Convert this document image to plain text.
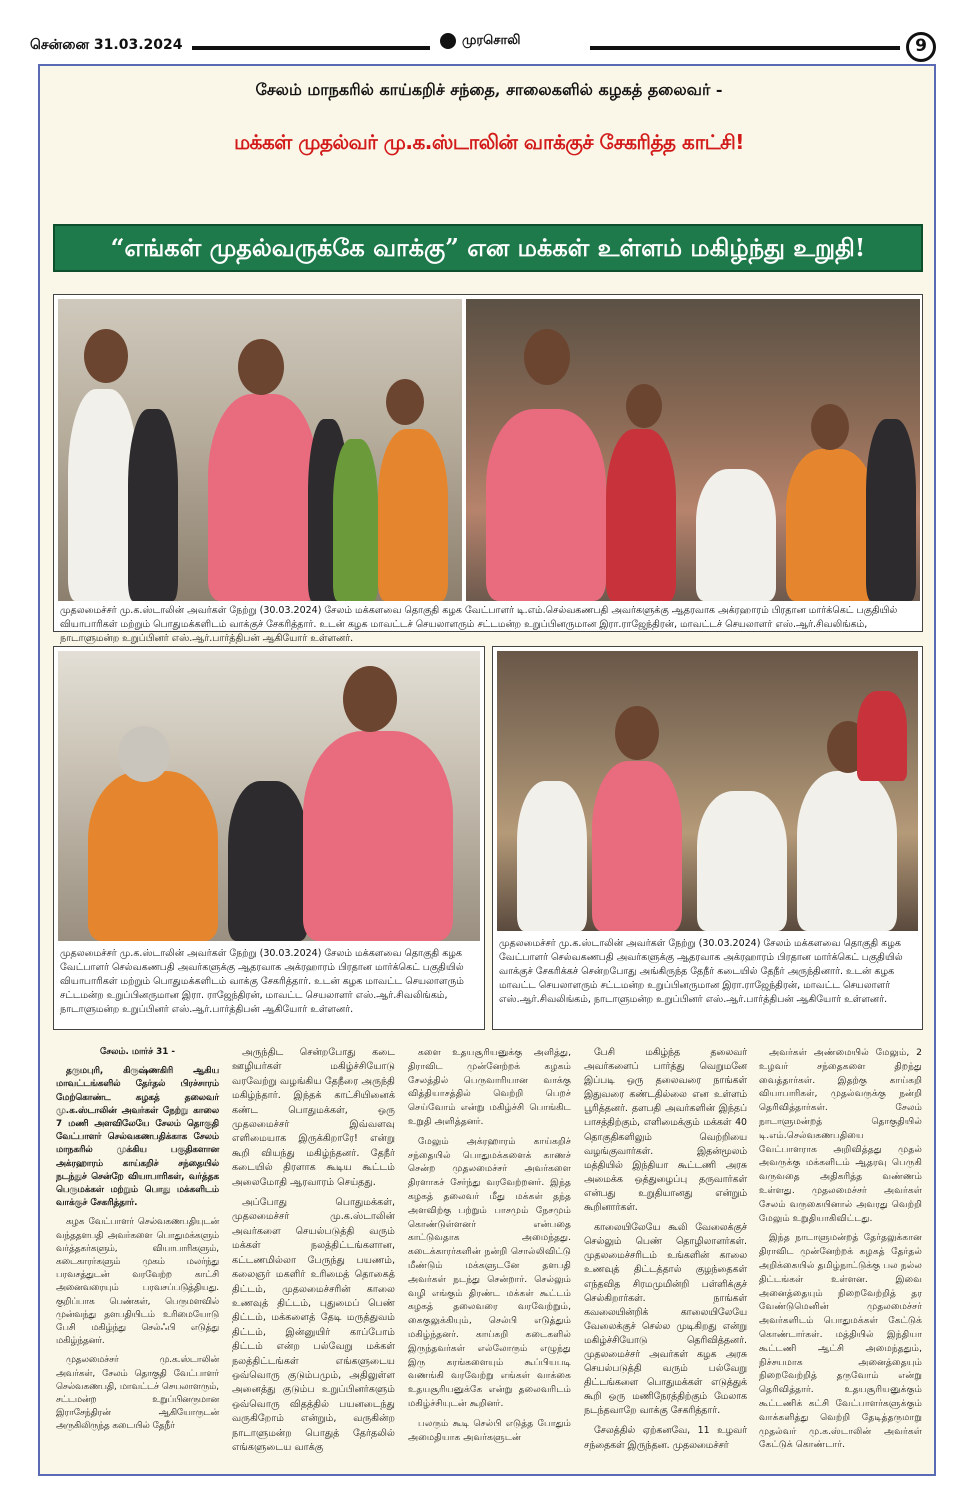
சென்னை 31.03.2024	முரசொலி	9
சேலம் மாநகரில் காய்கறிச் சந்தை, சாலைகளில் கழகத் தலைவர் -
மக்கள் முதல்வர் மு.க.ஸ்டாலின் வாக்குச் சேகரித்த காட்சி!
“எங்கள் முதல்வருக்கே வாக்கு” என மக்கள் உள்ளம் மகிழ்ந்து உறுதி!
முதலமைச்சர் மு.க.ஸ்டாலின் அவர்கள் நேற்று (30.03.2024) சேலம் மக்களவை தொகுதி கழக வேட்பாளர் டி.எம்.செல்வகணபதி அவர்களுக்கு ஆதரவாக அக்ரஹாரம் பிரதான மார்க்கெட் பகுதியில் வியாபாரிகள் மற்றும் பொதுமக்களிடம் வாக்குச் சேகரித்தார். உடன் கழக மாவட்டச் செயலாளரும் சட்டமன்ற உறுப்பினருமான இரா.ராஜேந்திரன், மாவட்டச் செயலாளர் எஸ்.ஆர்.சிவலிங்கம், நாடாளுமன்ற உறுப்பினர் எஸ்.ஆர்.பார்த்திபன் ஆகியோர் உள்ளனர்.
முதலமைச்சர் மு.க.ஸ்டாலின் அவர்கள் நேற்று (30.03.2024) சேலம் மக்களவை தொகுதி கழக வேட்பாளர் செல்வகணபதி அவர்களுக்கு ஆதரவாக அக்ரஹாரம் பிரதான மார்க்கெட் பகுதியில் வியாபாரிகள் மற்றும் பொதுமக்களிடம் வாக்கு சேகரித்தார். உடன் கழக மாவட்ட செயலாளரும் சட்டமன்ற உறுப்பினருமான இரா. ராஜேந்திரன், மாவட்ட செயலாளர் எஸ்.ஆர்.சிவலிங்கம், நாடாளுமன்ற உறுப்பினர் எஸ்.ஆர்.பார்த்திபன் ஆகியோர் உள்ளனர்.
முதலமைச்சர் மு.க.ஸ்டாலின் அவர்கள் நேற்று (30.03.2024) சேலம் மக்களவை தொகுதி கழக வேட்பாளர் செல்வகணபதி அவர்களுக்கு ஆதரவாக அக்ரஹாரம் பிரதான மார்க்கெட் பகுதியில் வாக்குச் சேகரிக்கச் சென்றபோது அங்கிருந்த தேநீர் கடையில் தேநீர் அருந்தினார். உடன் கழக மாவட்ட செயலாளரும் சட்டமன்ற உறுப்பினருமான இரா.ராஜேந்திரன், மாவட்ட செயலாளர் எஸ்.ஆர்.சிவலிங்கம், நாடாளுமன்ற உறுப்பினர் எஸ்.ஆர்.பார்த்திபன் ஆகியோர் உள்ளனர்.

சேலம். மார்ச் 31 -

தருமபுரி, கிருஷ்ணகிரி ஆகிய மாவட்டங்களில் தேர்தல் பிரச்சாரம் மேற்கொண்ட கழகத் தலைவர் மு.க.ஸ்டாலின் அவர்கள் நேற்று காலை 7 மணி அளவிலேயே சேலம் தொகுதி வேட்பாளர் செல்வகணபதிக்காக சேலம் மாநகரில் முக்கிய பகுதிகளான அக்ரஹாரம் காய்கறிச் சந்தையில் நடந்துச் சென்றே வியாபாரிகள், வர்த்தக பெருமக்கள் மற்றும் பொது மக்களிடம் வாக்குச் சேகரித்தார்.

கழக வேட்பாளர் செல்வகணபதியுடன் வந்ததளபதி அவர்களை பொதுமக்களும் வர்த்தகர்களும், வியாபாரிகளும், கடைகாரர்களும் முகம் மலர்ந்து பரவசத்துடன் வரவேற்ற காட்சி அனைவரையும் பரவசப்படுத்தியது. குறிப்பாக பெண்கள், பெருமளவில் முன்வந்து தளபதியிடம் உரிமையோடு பேசி மகிழ்ந்து செல்ஃபி எடுத்து மகிழ்ந்தனர்.

முதலமைச்சர் மு.க.ஸ்டாலின் அவர்கள், சேலம் தொகுதி வேட்பாளர் செல்வகணபதி, மாவட்டச் செயலாளரும், சட்டமன்ற உறுப்பினருமான இராசேந்திரன் ஆகியோருடன் அருகிலிருந்த கடையில் தேநீர்

அருந்திட சென்றபோது கடை ஊழியர்கள் மகிழ்ச்சியோடு வரவேற்று வழங்கிய தேநீரை அருந்தி மகிழ்ந்தார். இந்தக் காட்சியினைக் கண்ட பொதுமக்கள், ஒரு முதலமைச்சர் இவ்வளவு எளிமையாக இருக்கிறாரே! என்று கூறி வியந்து மகிழ்ந்தனர். தேநீர் கடையில் திரளாக கூடிய கூட்டம் அலைமோதி ஆரவாரம் செய்தது.

அப்போது பொதுமக்கள், முதலமைச்சர் மு.க.ஸ்டாலின் அவர்களை செயல்படுத்தி வரும் மக்கள் நலத்திட்டங்களான, கட்டணமில்லா பேருந்து பயணம், கலைஞர் மகளிர் உரிமைத் தொகைத் திட்டம், முதலமைச்சரின் காலை உணவுத் திட்டம், புதுமைப் பெண் திட்டம், மக்களைத் தேடி மருத்துவம் திட்டம், இன்னுயிர் காப்போம் திட்டம் என்ற பல்வேறு மக்கள் நலத்திட்டங்கள் எங்களுடைய ஒவ்வொரு குடும்பமும், அதிலுள்ள அனைத்து குடும்ப உறுப்பினர்களும் ஒவ்வொரு விதத்தில் பயனடைந்து வருகிறோம் என்றும், வருகின்ற நாடாளுமன்ற பொதுத் தேர்தலில் எங்களுடைய வாக்கு

களை உதயசூரியனுக்கு அளித்து, திராவிட முன்னேற்றக் கழகம் சேலத்தில் பெருவாரியான வாக்கு வித்தியாசத்தில் வெற்றி பெறச் செய்வோம் என்று மகிழ்ச்சி பொங்கிட உறுதி அளித்தனர்.

மேலும் அக்ரஹாரம் காய்கறிச் சந்தையில் பொதுமக்களைக் காணச் சென்ற முதலமைச்சர் அவர்களை திரளாகச் சேர்ந்து வரவேற்றனர். இந்த கழகத் தலைவர் மீது மக்கள் தந்த அளவிற்கு பற்றும் பாசமும் நேசமும் கொண்டுள்ளனர் என்பதை காட்டுவதாக அமைந்தது. கடைக்காரர்களின் நன்றி சொல்லிவிட்டு மீண்டும் மக்களுடனே தளபதி அவர்கள் நடந்து சென்றார். செல்லும் வழி எங்கும் திரண்ட மக்கள் கூட்டம் கழகத் தலைவரை வரவேற்றும், கைகுலுக்கியும், செல்பி எடுத்தும் மகிழ்ந்தனர். காய்கறி கடைகளில் இருந்தவர்கள் எல்லோரும் எழுந்து இரு கரங்களையும் கூப்பியபடி வணங்கி வரவேற்று எங்கள் வாக்கை உதயசூரியனுக்கே என்று தலைவரிடம் மகிழ்ச்சியுடன் கூறினர்.

பலரும் கூடி செல்பி எடுத்த போதும் அமைதியாக அவர்களுடன்

பேசி மகிழ்ந்த தலைவர் அவர்களைப் பார்த்து வெறுமனே இப்படி ஒரு தலைவரை நாங்கள் இதுவரை கண்டதில்லை என உள்ளம் பூரித்தனர். தளபதி அவர்களின் இந்தப் பாசத்திற்கும், எளிமைக்கும் மக்கள் 40 தொகுதிகளிலும் வெற்றியை வழங்குவார்கள். இதன்மூலம் மத்தியில் இந்தியா கூட்டணி அரசு அமைக்க ஒத்துழைப்பு தருவார்கள் என்பது உறுதியானது என்றும் கூறினார்கள்.

காலையிலேயே கூலி வேலைக்குச் செல்லும் பெண் தொழிலாளர்கள். முதலமைச்சரிடம் உங்களின் காலை உணவுத் திட்டத்தால் குழந்தைகள் எந்தவித சிரமமுமின்றி பள்ளிக்குச் செல்கிறார்கள். நாங்கள் கவலையின்றிக் காலையிலேயே வேலைக்குச் செல்ல முடிகிறது என்று மகிழ்ச்சியோடு தெரிவித்தனர். முதலமைச்சர் அவர்கள் கழக அரசு செயல்படுத்தி வரும் பல்வேறு திட்டங்களை பொதுமக்கள் எடுத்துக் கூறி ஒரு மணிநேரத்திற்கும் மேலாக நடந்தவாறே வாக்கு சேகரித்தார்.

சேலத்தில் ஏற்கனவே, 11 உழவர் சந்தைகள் இருந்தன. முதலமைச்சர்

அவர்கள் அண்மையில் மேலும், 2 உழவர் சந்தைகளை திறந்து வைத்தார்கள். இதற்கு காய்கறி வியாபாரிகள், முதல்வருக்கு நன்றி தெரிவித்தார்கள். சேலம் நாடாளுமன்றத் தொகுதியில் டி.எம்.செல்வகணபதியை வேட்பாளராக அறிவித்தது முதல் அவருக்கு மக்களிடம் ஆதரவு பெருகி வருவதை அதிகரித்த வண்ணம் உள்ளது. முதலமைச்சர் அவர்கள் சேலம் வருகையினால் அவரது வெற்றி மேலும் உறுதியாகிவிட்டது.

இந்த நாடாளுமன்றத் தேர்தலுக்கான திராவிட முன்னேற்றக் கழகத் தேர்தல் அறிக்கையில் தமிழ்நாட்டுக்கு பல நல்ல திட்டங்கள் உள்ளன. இவை அனைத்தையும் நிறைவேற்றித் தர வேண்டுமெனின் முதலமைச்சர் அவர்களிடம் பொதுமக்கள் கேட்டுக் கொண்டார்கள். மத்தியில் இந்தியா கூட்டணி ஆட்சி அமைந்ததும், நிச்சயமாக அனைத்தையும் நிறைவேற்றித் தருவோம் என்று தெரிவித்தார். உதயசூரியனுக்கும் கூட்டணிக் கட்சி வேட்பாளர்களுக்கும் வாக்களித்து வெற்றி தேடித்தருமாறு முதல்வர் மு.க.ஸ்டாலின் அவர்கள் கேட்டுக் கொண்டார்.
